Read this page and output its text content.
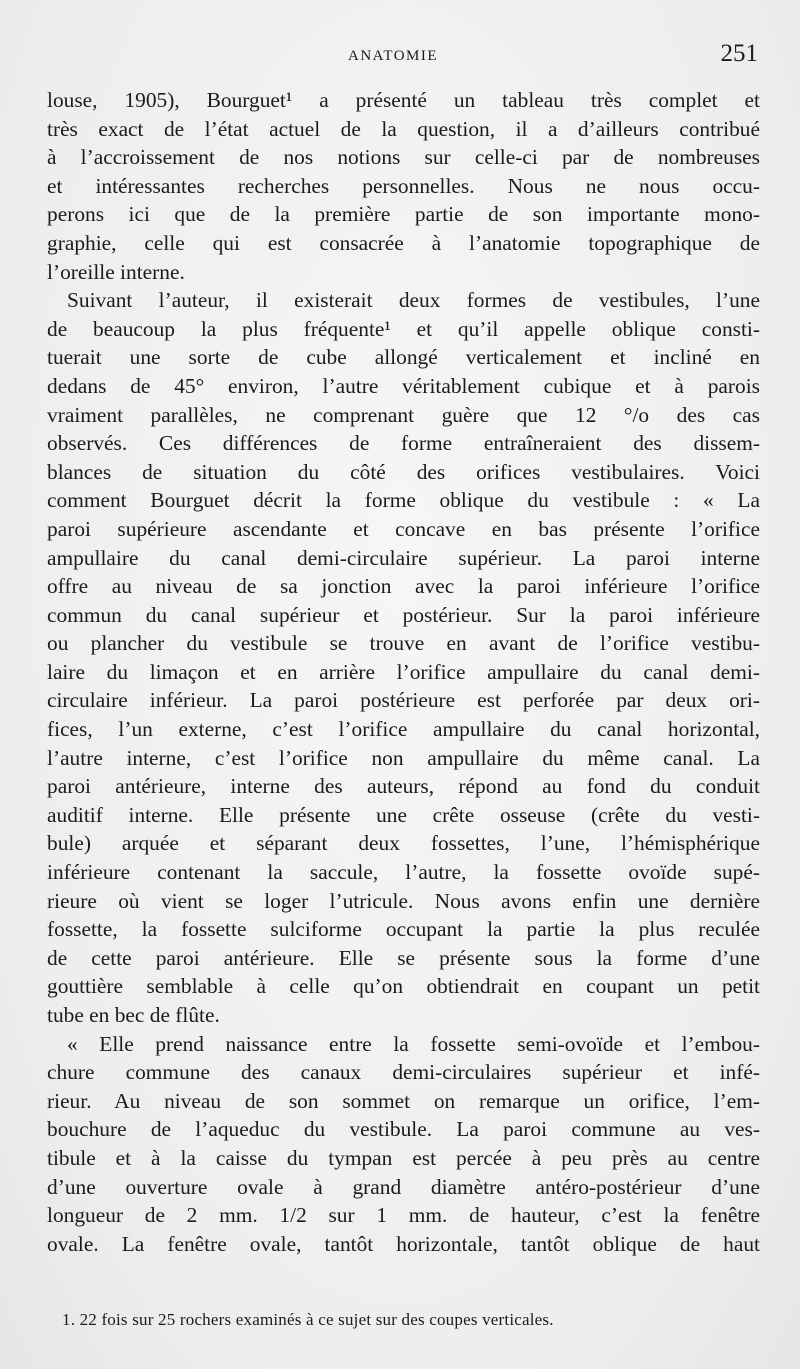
ANATOMIE	251
louse, 1905), Bourguet¹ a présenté un tableau très complet et
très exact de l’état actuel de la question, il a d’ailleurs contribué
à l’accroissement de nos notions sur celle-ci par de nombreuses
et intéressantes recherches personnelles. Nous ne nous occu-
perons ici que de la première partie de son importante mono-
graphie, celle qui est consacrée à l’anatomie topographique de
l’oreille interne.
Suivant l’auteur, il existerait deux formes de vestibules, l’une
de beaucoup la plus fréquente¹ et qu’il appelle oblique consti-
tuerait une sorte de cube allongé verticalement et incliné en
dedans de 45° environ, l’autre véritablement cubique et à parois
vraiment parallèles, ne comprenant guère que 12 °/o des cas
observés. Ces différences de forme entraîneraient des dissem-
blances de situation du côté des orifices vestibulaires. Voici
comment Bourguet décrit la forme oblique du vestibule : « La
paroi supérieure ascendante et concave en bas présente l’orifice
ampullaire du canal demi-circulaire supérieur. La paroi interne
offre au niveau de sa jonction avec la paroi inférieure l’orifice
commun du canal supérieur et postérieur. Sur la paroi inférieure
ou plancher du vestibule se trouve en avant de l’orifice vestibu-
laire du limaçon et en arrière l’orifice ampullaire du canal demi-
circulaire inférieur. La paroi postérieure est perforée par deux ori-
fices, l’un externe, c’est l’orifice ampullaire du canal horizontal,
l’autre interne, c’est l’orifice non ampullaire du même canal. La
paroi antérieure, interne des auteurs, répond au fond du conduit
auditif interne. Elle présente une crête osseuse (crête du vesti-
bule) arquée et séparant deux fossettes, l’une, l’hémisphérique
inférieure contenant la saccule, l’autre, la fossette ovoïde supé-
rieure où vient se loger l’utricule. Nous avons enfin une dernière
fossette, la fossette sulciforme occupant la partie la plus reculée
de cette paroi antérieure. Elle se présente sous la forme d’une
gouttière semblable à celle qu’on obtiendrait en coupant un petit
tube en bec de flûte.
« Elle prend naissance entre la fossette semi-ovoïde et l’embou-
chure commune des canaux demi-circulaires supérieur et infé-
rieur. Au niveau de son sommet on remarque un orifice, l’em-
bouchure de l’aqueduc du vestibule. La paroi commune au ves-
tibule et à la caisse du tympan est percée à peu près au centre
d’une ouverture ovale à grand diamètre antéro-postérieur d’une
longueur de 2 mm. 1/2 sur 1 mm. de hauteur, c’est la fenêtre
ovale. La fenêtre ovale, tantôt horizontale, tantôt oblique de haut
1. 22 fois sur 25 rochers examinés à ce sujet sur des coupes verticales.
